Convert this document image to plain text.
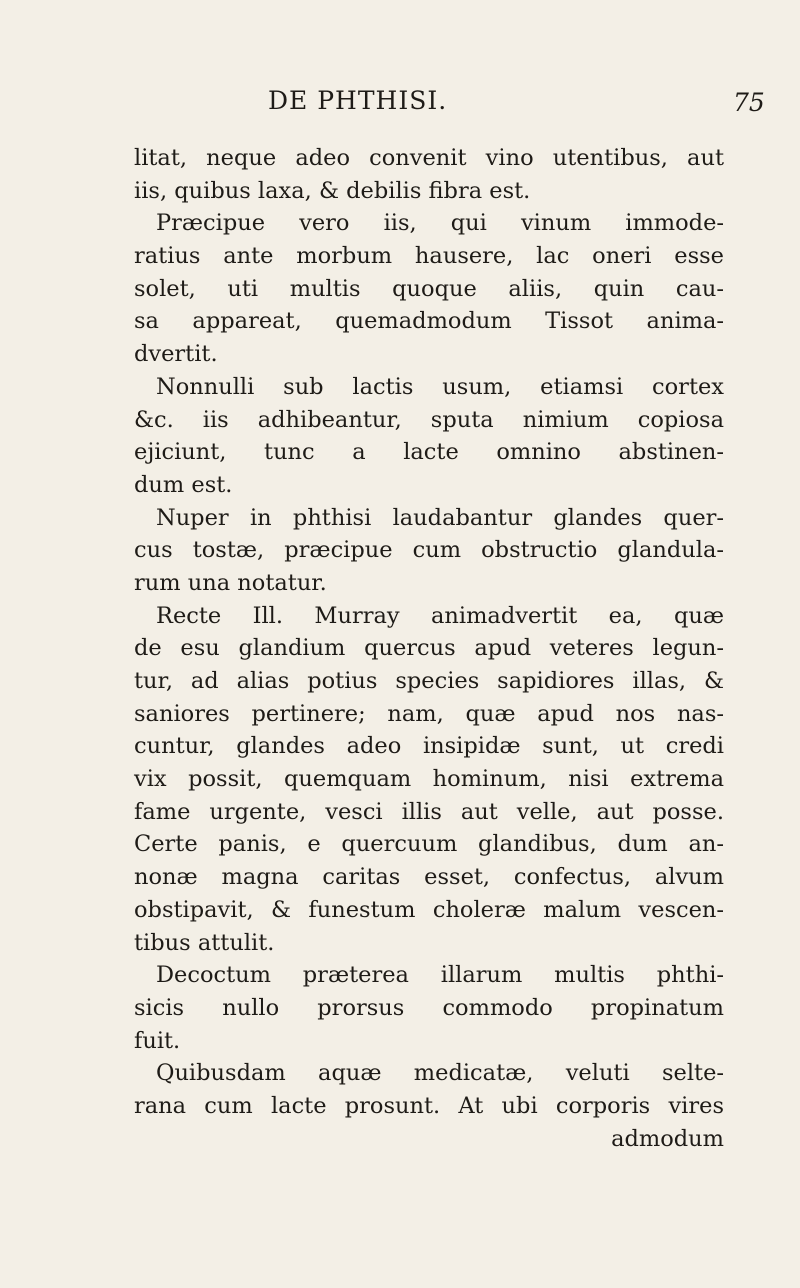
DE PHTHISI.	75
litat, neque adeo convenit vino utentibus, aut
iis, quibus laxa, & debilis fibra est.
Præcipue vero iis, qui vinum immode-
ratius ante morbum hausere, lac oneri esse
solet, uti multis quoque aliis, quin cau-
sa appareat, quemadmodum Tissot anima-
dvertit.
Nonnulli sub lactis usum, etiamsi cortex
&c. iis adhibeantur, sputa nimium copiosa
ejiciunt, tunc a lacte omnino abstinen-
dum est.
Nuper in phthisi laudabantur glandes quer-
cus tostæ, præcipue cum obstructio glandula-
rum una notatur.
Recte Ill. Murray animadvertit ea, quæ
de esu glandium quercus apud veteres legun-
tur, ad alias potius species sapidiores illas, &
saniores pertinere; nam, quæ apud nos nas-
cuntur, glandes adeo insipidæ sunt, ut credi
vix possit, quemquam hominum, nisi extrema
fame urgente, vesci illis aut velle, aut posse.
Certe panis, e quercuum glandibus, dum an-
nonæ magna caritas esset, confectus, alvum
obstipavit, & funestum choleræ malum vescen-
tibus attulit.
Decoctum præterea illarum multis phthi-
sicis nullo prorsus commodo propinatum
fuit.
Quibusdam aquæ medicatæ, veluti selte-
rana cum lacte prosunt. At ubi corporis vires
admodum
